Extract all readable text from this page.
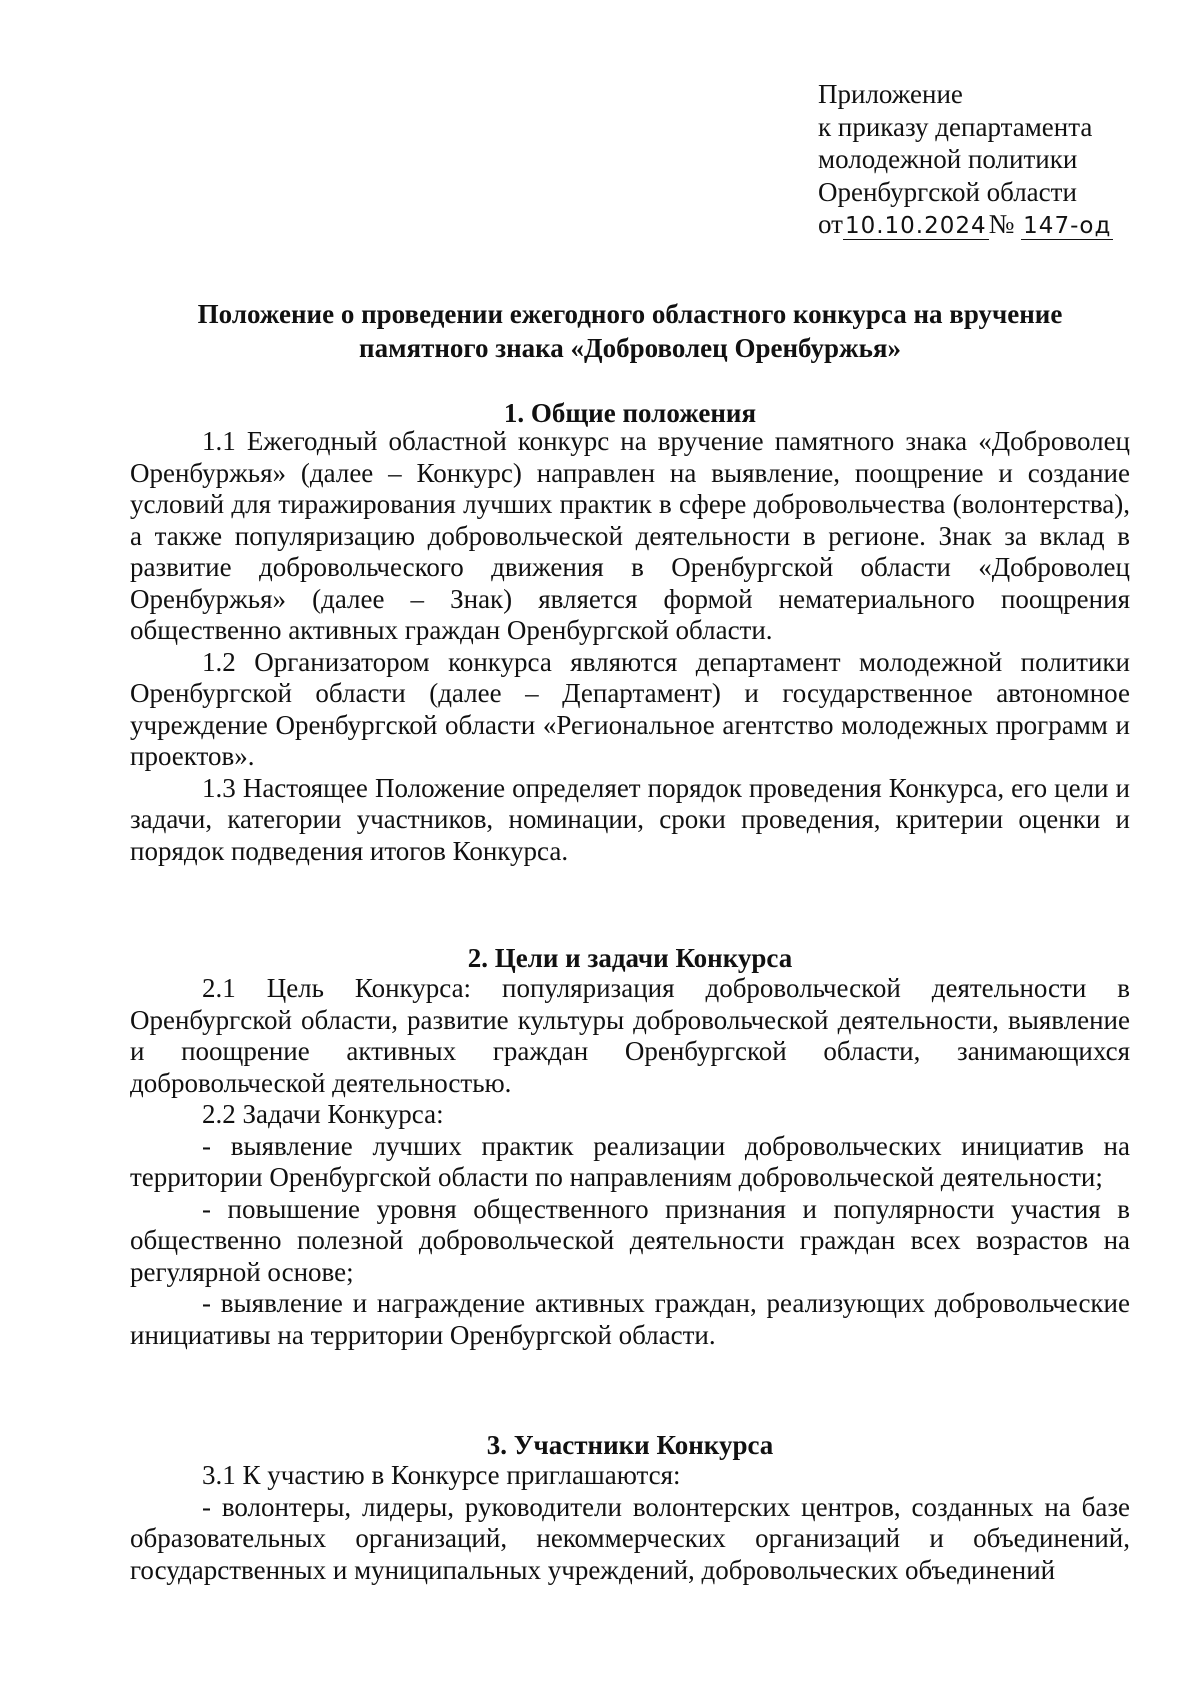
Приложение
к приказу департамента
молодежной политики
Оренбургской области
от10.10.2024№ 147-од
Положение о проведении ежегодного областного конкурса на вручение
памятного знака «Доброволец Оренбуржья»
1. Общие положения

1.1 Ежегодный областной конкурс на вручение памятного знака «Доброволец Оренбуржья» (далее – Конкурс) направлен на выявление, поощрение и создание условий для тиражирования лучших практик в сфере добровольчества (волонтерства), а также популяризацию добровольческой деятельности в регионе. Знак за вклад в развитие добровольческого движения в Оренбургской области «Доброволец Оренбуржья» (далее – Знак) является формой нематериального поощрения общественно активных граждан Оренбургской области.

1.2 Организатором конкурса являются департамент молодежной политики Оренбургской области (далее – Департамент) и государственное автономное учреждение Оренбургской области «Региональное агентство молодежных программ и проектов».

1.3 Настоящее Положение определяет порядок проведения Конкурса, его цели и задачи, категории участников, номинации, сроки проведения, критерии оценки и порядок подведения итогов Конкурса.

2. Цели и задачи Конкурса

2.1 Цель Конкурса: популяризация добровольческой деятельности в Оренбургской области, развитие культуры добровольческой деятельности, выявление и поощрение активных граждан Оренбургской области, занимающихся добровольческой деятельностью.

2.2 Задачи Конкурса:

- выявление лучших практик реализации добровольческих инициатив на территории Оренбургской области по направлениям добровольческой деятельности;

- повышение уровня общественного признания и популярности участия в общественно полезной добровольческой деятельности граждан всех возрастов на регулярной основе;

- выявление и награждение активных граждан, реализующих добровольческие инициативы на территории Оренбургской области.

3. Участники Конкурса

3.1 К участию в Конкурсе приглашаются:

- волонтеры, лидеры, руководители волонтерских центров, созданных на базе образовательных организаций, некоммерческих организаций и объединений, государственных и муниципальных учреждений, добровольческих объединений
